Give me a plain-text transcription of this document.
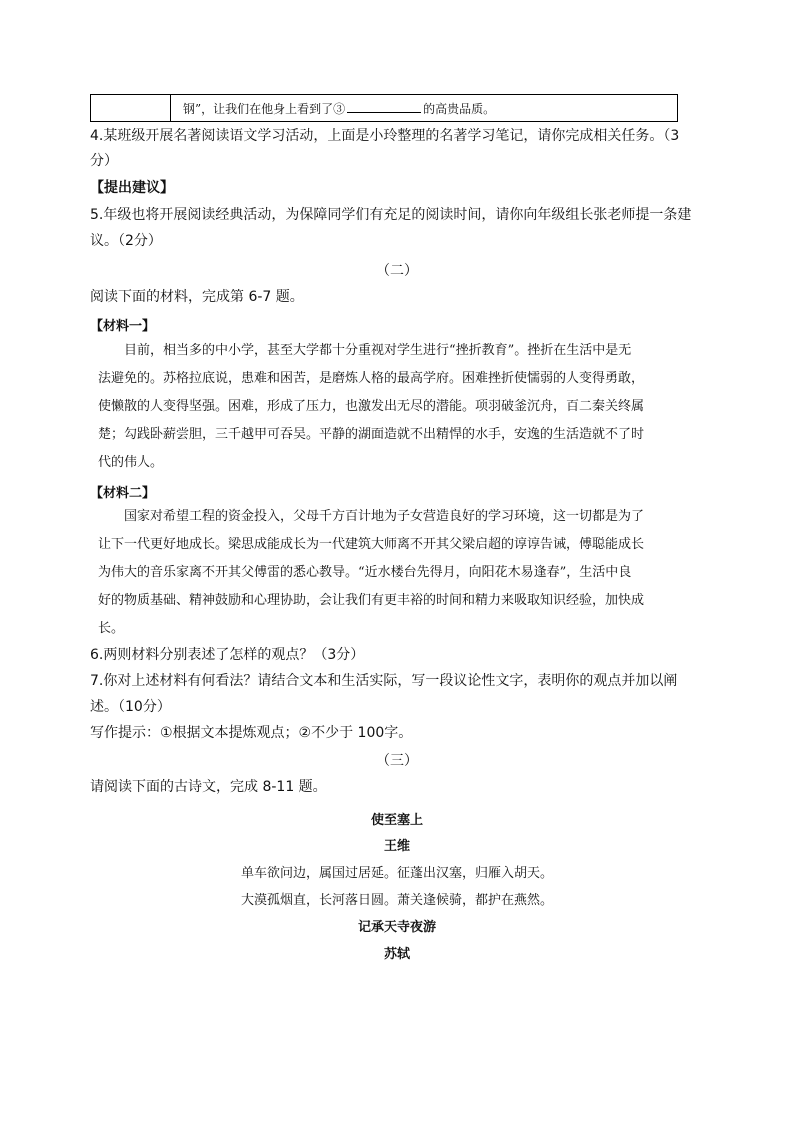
钢”，让我们在他身上看到了③	的高贵品质。
4.某班级开展名著阅读语文学习活动，上面是小玲整理的名著学习笔记，请你完成相关任务。（3
分）
【提出建议】
5.年级也将开展阅读经典活动，为保障同学们有充足的阅读时间，请你向年级组长张老师提一条建
议。（2分）
（二）
阅读下面的材料，完成第 6-7 题。
【材料一】
目前，相当多的中小学，甚至大学都十分重视对学生进行“挫折教育”。挫折在生活中是无
法避免的。苏格拉底说，患难和困苦，是磨炼人格的最高学府。困难挫折使懦弱的人变得勇敢，
使懒散的人变得坚强。困难，形成了压力，也激发出无尽的潜能。项羽破釜沉舟，百二秦关终属
楚；勾践卧薪尝胆，三千越甲可吞吴。平静的湖面造就不出精悍的水手，安逸的生活造就不了时
代的伟人。
【材料二】
国家对希望工程的资金投入，父母千方百计地为子女营造良好的学习环境，这一切都是为了
让下一代更好地成长。梁思成能成长为一代建筑大师离不开其父梁启超的谆谆告诫，傅聪能成长
为伟大的音乐家离不开其父傅雷的悉心教导。“近水楼台先得月，向阳花木易逢春”，生活中良
好的物质基础、精神鼓励和心理协助，会让我们有更丰裕的时间和精力来吸取知识经验，加快成
长。
6.两则材料分别表述了怎样的观点？（3分）
7.你对上述材料有何看法？请结合文本和生活实际，写一段议论性文字，表明你的观点并加以阐
述。（10分）
写作提示：①根据文本提炼观点；②不少于 100字。
（三）
请阅读下面的古诗文，完成 8-11 题。
使至塞上
王维
单车欲问边，属国过居延。征蓬出汉塞，归雁入胡天。
大漠孤烟直，长河落日圆。萧关逢候骑，都护在燕然。
记承天寺夜游
苏轼
